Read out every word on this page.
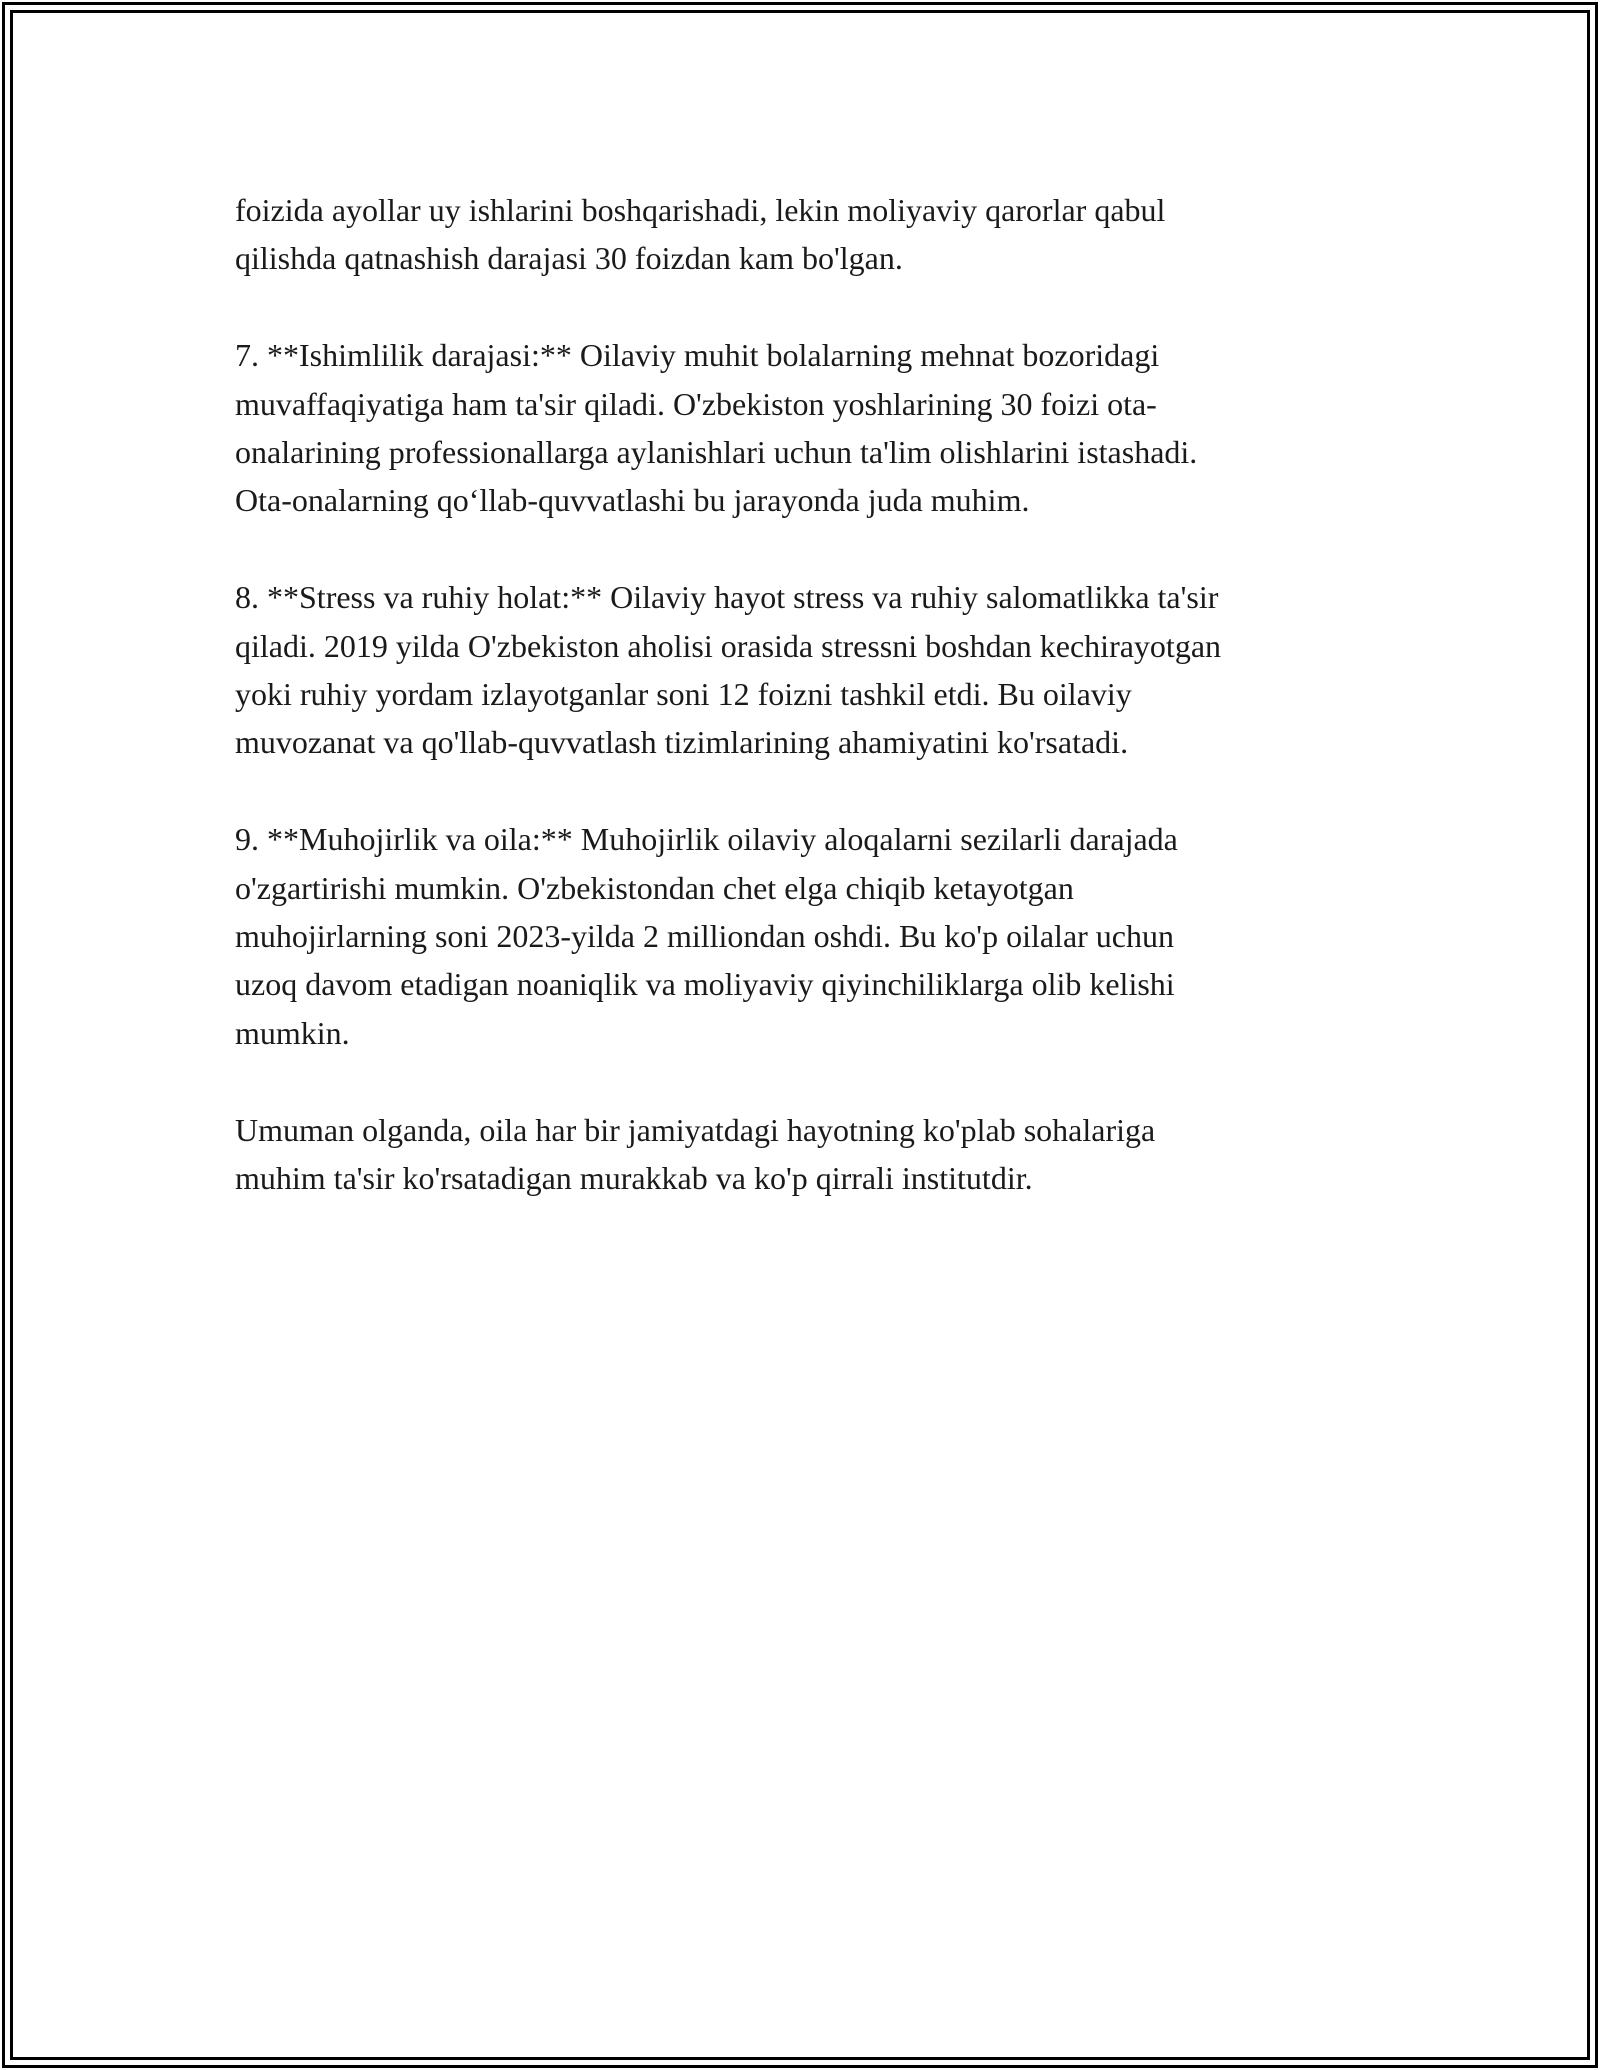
foizida ayollar uy ishlarini boshqarishadi, lekin moliyaviy qarorlar qabul
qilishda qatnashish darajasi 30 foizdan kam bo'lgan.

7. **Ishimlilik darajasi:** Oilaviy muhit bolalarning mehnat bozoridagi
muvaffaqiyatiga ham ta'sir qiladi. O'zbekiston yoshlarining 30 foizi ota-
onalarining professionallarga aylanishlari uchun ta'lim olishlarini istashadi.
Ota-onalarning qo‘llab-quvvatlashi bu jarayonda juda muhim.

8. **Stress va ruhiy holat:** Oilaviy hayot stress va ruhiy salomatlikka ta'sir
qiladi. 2019 yilda O'zbekiston aholisi orasida stressni boshdan kechirayotgan
yoki ruhiy yordam izlayotganlar soni 12 foizni tashkil etdi. Bu oilaviy
muvozanat va qo'llab-quvvatlash tizimlarining ahamiyatini ko'rsatadi.

9. **Muhojirlik va oila:** Muhojirlik oilaviy aloqalarni sezilarli darajada
o'zgartirishi mumkin. O'zbekistondan chet elga chiqib ketayotgan
muhojirlarning soni 2023-yilda 2 milliondan oshdi. Bu ko'p oilalar uchun
uzoq davom etadigan noaniqlik va moliyaviy qiyinchiliklarga olib kelishi
mumkin.

Umuman olganda, oila har bir jamiyatdagi hayotning ko'plab sohalariga
muhim ta'sir ko'rsatadigan murakkab va ko'p qirrali institutdir.
